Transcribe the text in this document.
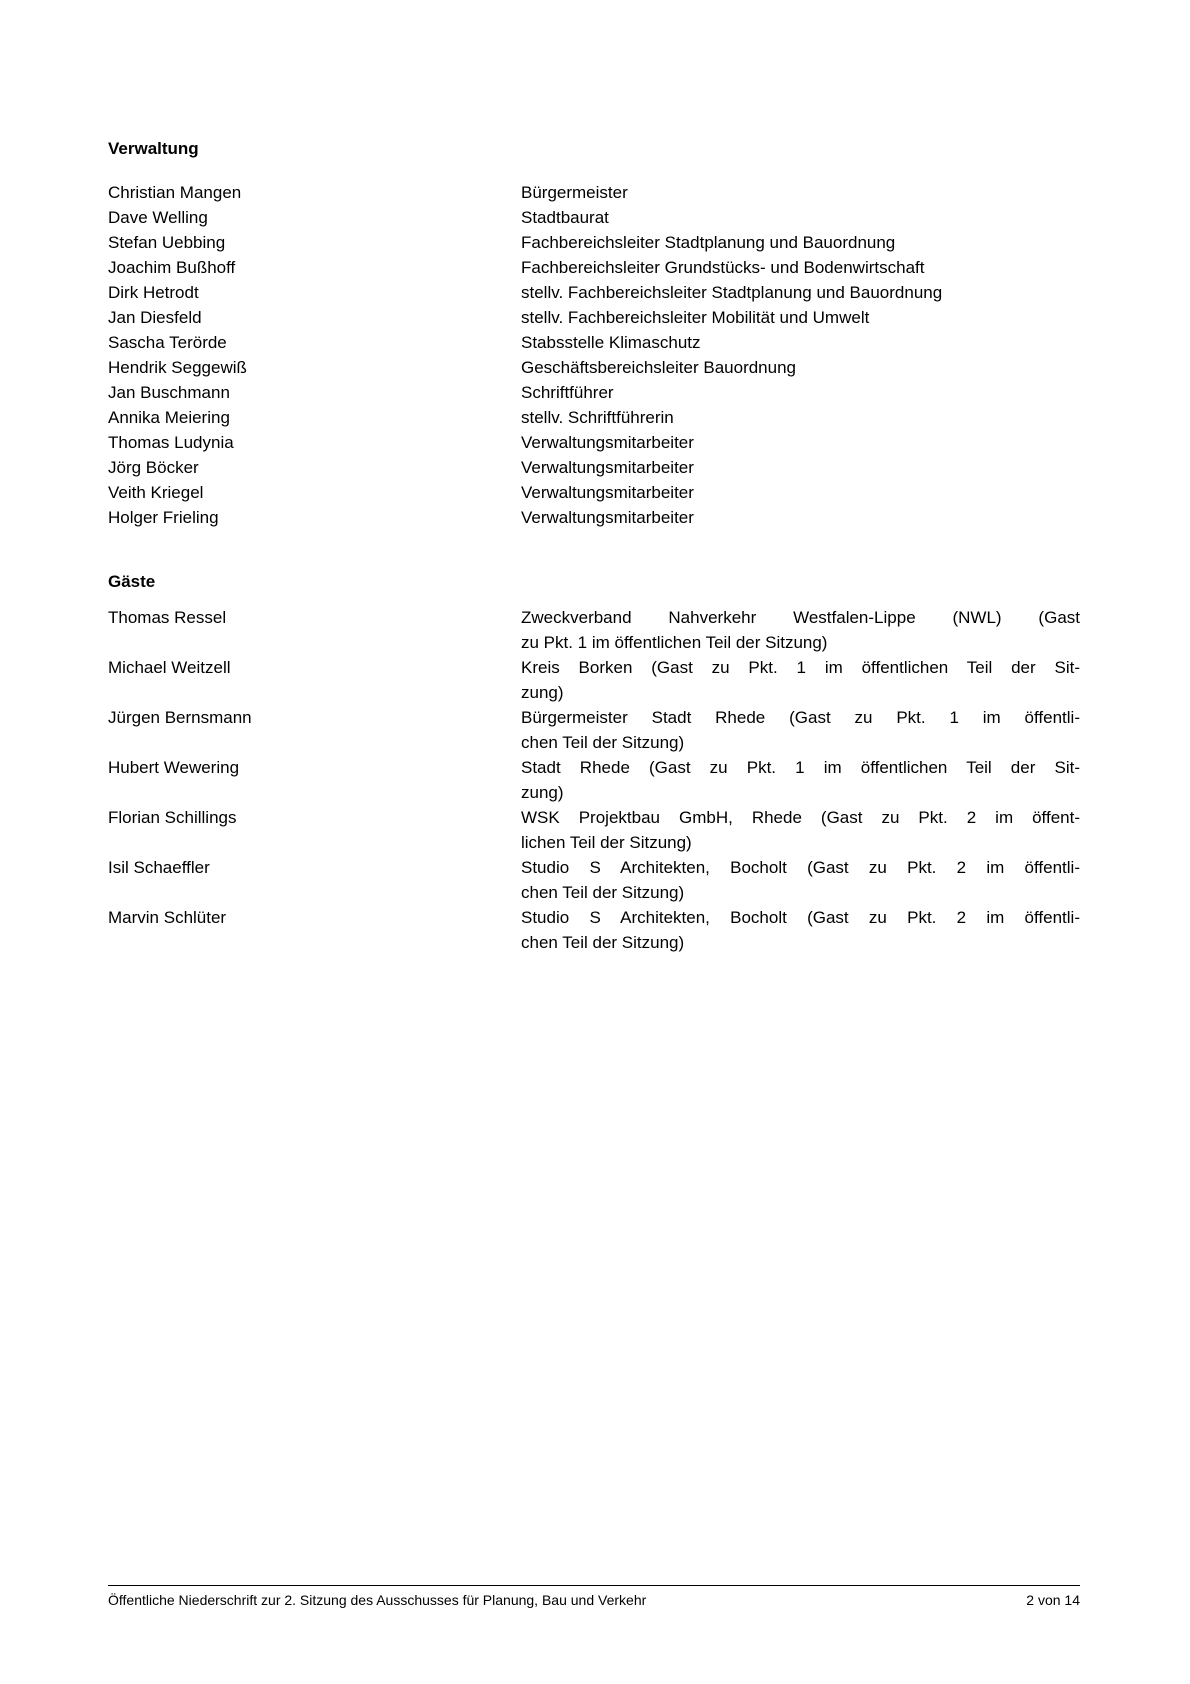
Verwaltung
Christian Mangen	Bürgermeister
Dave Welling	Stadtbaurat
Stefan Uebbing	Fachbereichsleiter Stadtplanung und Bauordnung
Joachim Bußhoff	Fachbereichsleiter Grundstücks- und Bodenwirtschaft
Dirk Hetrodt	stellv. Fachbereichsleiter Stadtplanung und Bauordnung
Jan Diesfeld	stellv. Fachbereichsleiter Mobilität und Umwelt
Sascha Terörde	Stabsstelle Klimaschutz
Hendrik Seggewiß	Geschäftsbereichsleiter Bauordnung
Jan Buschmann	Schriftführer
Annika Meiering	stellv. Schriftführerin
Thomas Ludynia	Verwaltungsmitarbeiter
Jörg Böcker	Verwaltungsmitarbeiter
Veith Kriegel	Verwaltungsmitarbeiter
Holger Frieling	Verwaltungsmitarbeiter
Gäste
Thomas Ressel	Zweckverband Nahverkehr Westfalen-Lippe (NWL) (Gast
zu Pkt. 1 im öffentlichen Teil der Sitzung)
Michael Weitzell	Kreis Borken (Gast zu Pkt. 1 im öffentlichen Teil der Sit-
zung)
Jürgen Bernsmann	Bürgermeister Stadt Rhede (Gast zu Pkt. 1 im öffentli-
chen Teil der Sitzung)
Hubert Wewering	Stadt Rhede (Gast zu Pkt. 1 im öffentlichen Teil der Sit-
zung)
Florian Schillings	WSK Projektbau GmbH, Rhede (Gast zu Pkt. 2 im öffent-
lichen Teil der Sitzung)
Isil Schaeffler	Studio S Architekten, Bocholt (Gast zu Pkt. 2 im öffentli-
chen Teil der Sitzung)
Marvin Schlüter	Studio S Architekten, Bocholt (Gast zu Pkt. 2 im öffentli-
chen Teil der Sitzung)
Öffentliche Niederschrift zur 2. Sitzung des Ausschusses für Planung, Bau und Verkehr	2 von 14
